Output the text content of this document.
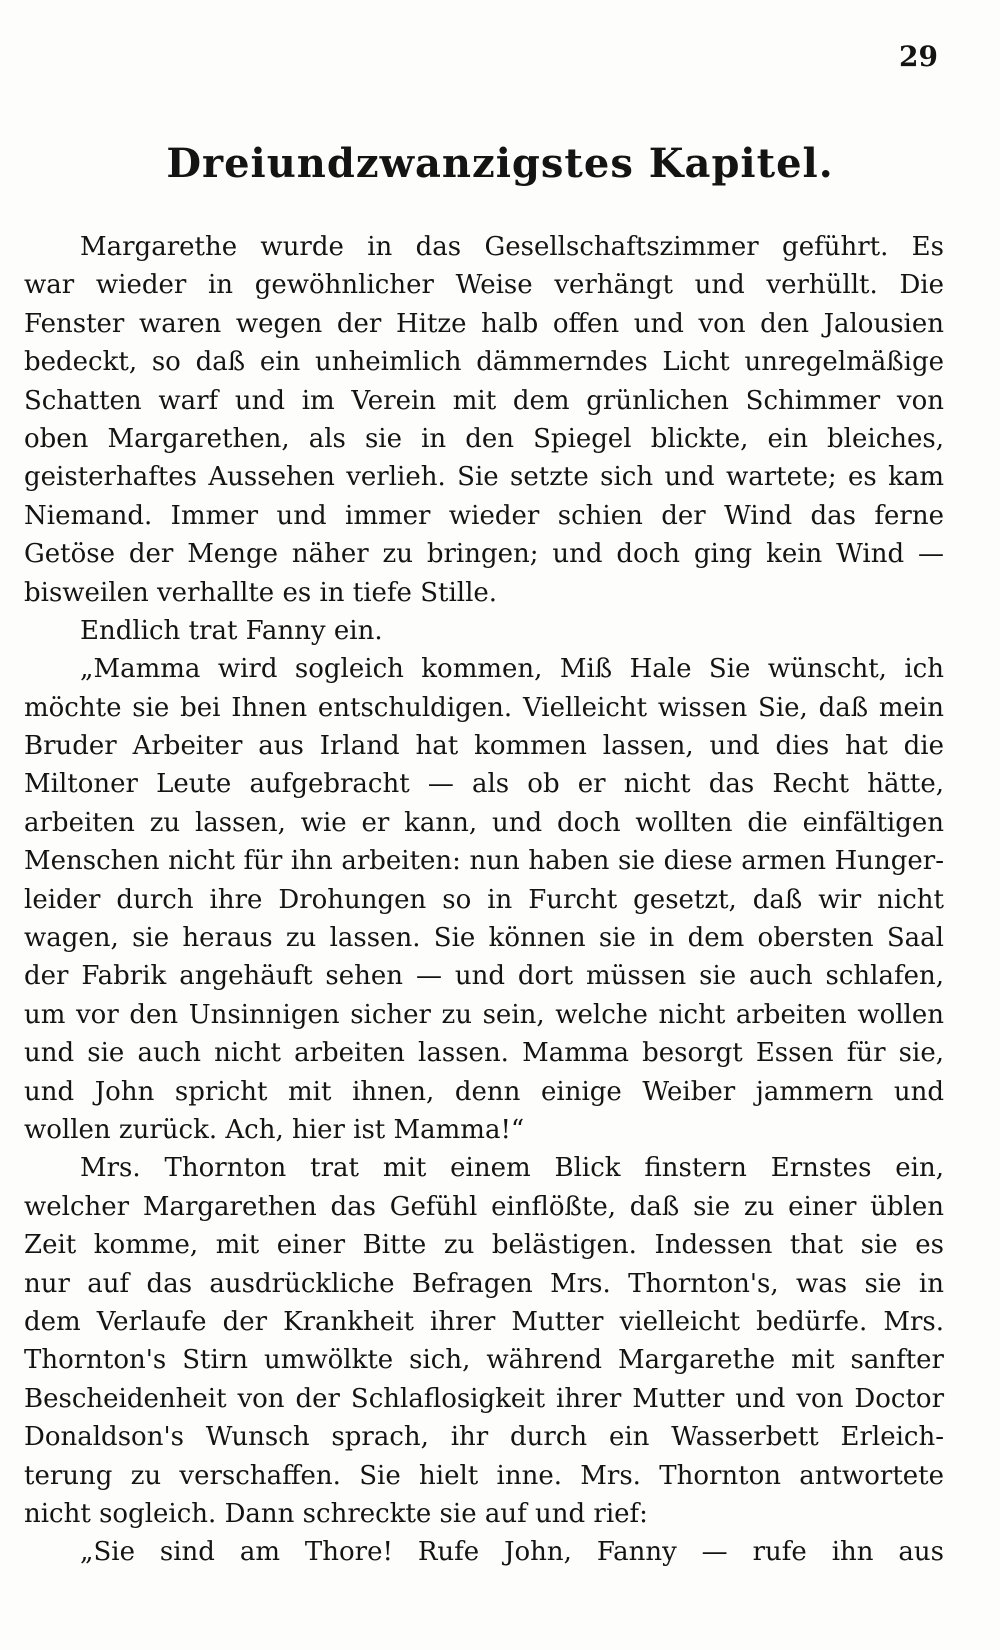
29
Dreiundzwanzigstes Kapitel.
Margarethe wurde in das Gesellschaftszimmer geführt. Es
war wieder in gewöhnlicher Weise verhängt und verhüllt. Die
Fenster waren wegen der Hitze halb offen und von den Jalousien
bedeckt, so daß ein unheimlich dämmerndes Licht unregelmäßige
Schatten warf und im Verein mit dem grünlichen Schimmer von
oben Margarethen, als sie in den Spiegel blickte, ein bleiches,
geisterhaftes Aussehen verlieh. Sie setzte sich und wartete; es kam
Niemand. Immer und immer wieder schien der Wind das ferne
Getöse der Menge näher zu bringen; und doch ging kein Wind —
bisweilen verhallte es in tiefe Stille.
Endlich trat Fanny ein.
„Mamma wird sogleich kommen, Miß Hale Sie wünscht, ich
möchte sie bei Ihnen entschuldigen. Vielleicht wissen Sie, daß mein
Bruder Arbeiter aus Irland hat kommen lassen, und dies hat die
Miltoner Leute aufgebracht — als ob er nicht das Recht hätte,
arbeiten zu lassen, wie er kann, und doch wollten die einfältigen
Menschen nicht für ihn arbeiten: nun haben sie diese armen Hunger-
leider durch ihre Drohungen so in Furcht gesetzt, daß wir nicht
wagen, sie heraus zu lassen. Sie können sie in dem obersten Saal
der Fabrik angehäuft sehen — und dort müssen sie auch schlafen,
um vor den Unsinnigen sicher zu sein, welche nicht arbeiten wollen
und sie auch nicht arbeiten lassen. Mamma besorgt Essen für sie,
und John spricht mit ihnen, denn einige Weiber jammern und
wollen zurück. Ach, hier ist Mamma!“
Mrs. Thornton trat mit einem Blick finstern Ernstes ein,
welcher Margarethen das Gefühl einflößte, daß sie zu einer üblen
Zeit komme, mit einer Bitte zu belästigen. Indessen that sie es
nur auf das ausdrückliche Befragen Mrs. Thornton's, was sie in
dem Verlaufe der Krankheit ihrer Mutter vielleicht bedürfe. Mrs.
Thornton's Stirn umwölkte sich, während Margarethe mit sanfter
Bescheidenheit von der Schlaflosigkeit ihrer Mutter und von Doctor
Donaldson's Wunsch sprach, ihr durch ein Wasserbett Erleich-
terung zu verschaffen. Sie hielt inne. Mrs. Thornton antwortete
nicht sogleich. Dann schreckte sie auf und rief:
„Sie sind am Thore! Rufe John, Fanny — rufe ihn aus
